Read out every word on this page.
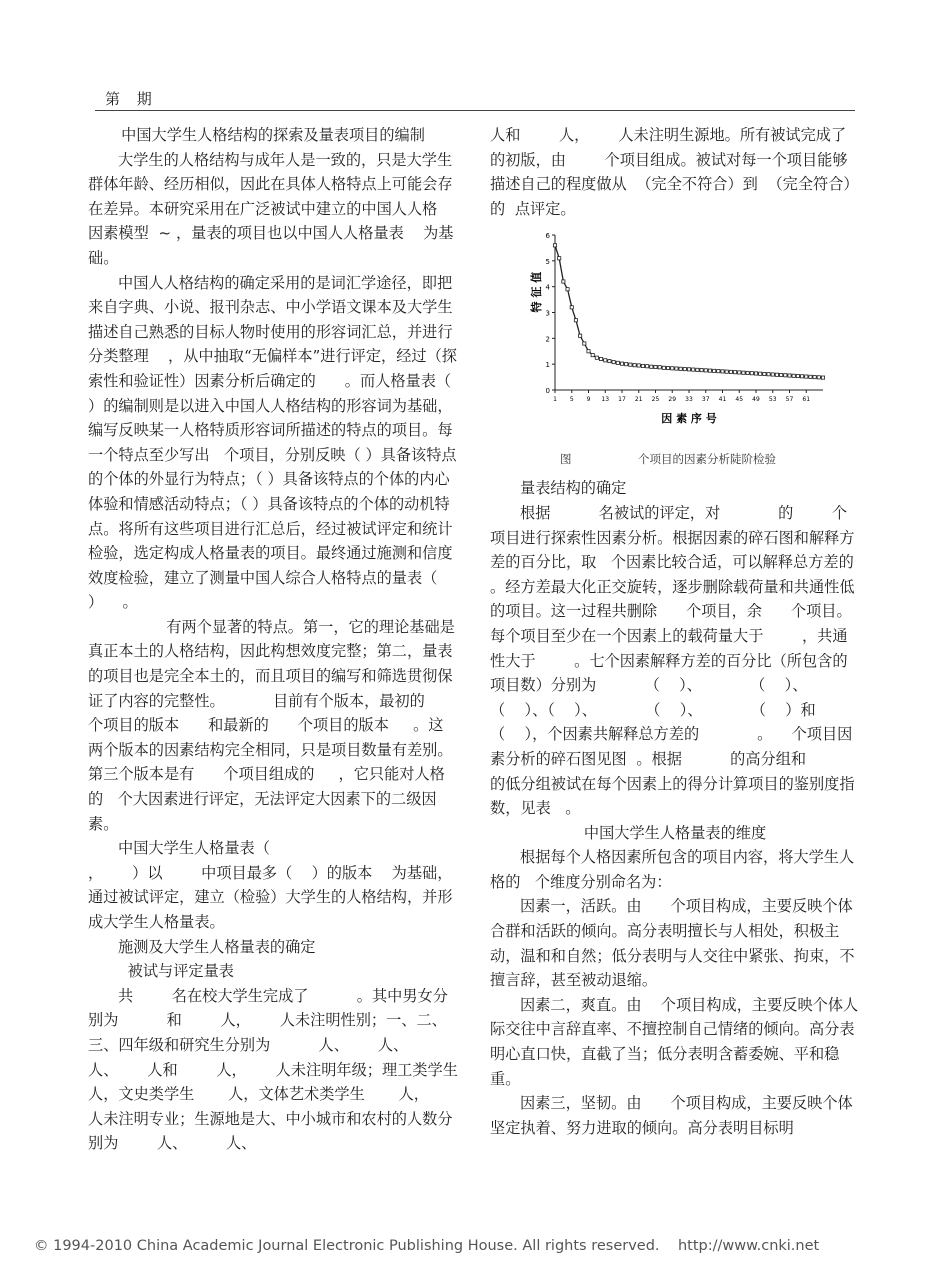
第 期

中国大学生人格结构的探索及量表项目的编制

大学生的人格结构与成年人是一致的，只是大学生群体年龄、经历相似，因此在具体人格特点上可能会存在差异。本研究采用在广泛被试中建立的中国人人格  因素模型  ~ ，量表的项目也以中国人人格量表    为基础。

中国人人格结构的确定采用的是词汇学途径，即把来自字典、小说、报刊杂志、中小学语文课本及大学生描述自己熟悉的目标人物时使用的形容词汇总，并进行分类整理    ，从中抽取“无偏样本”进行评定，经过（探索性和验证性）因素分析后确定的      。而人格量表（       ）的编制则是以进入中国人人格结构的形容词为基础，编写反映某一人格特质形容词所描述的特点的项目。每一个特点至少写出   个项目，分别反映（ ）具备该特点的个体的外显行为特点；（ ）具备该特点的个体的内心体验和情感活动特点；（ ）具备该特点的个体的动机特点。将所有这些项目进行汇总后，经过被试评定和统计检验，选定构成人格量表的项目。最终通过施测和信度效度检验，建立了测量中国人综合人格特点的量表（       ）    。

有两个显著的特点。第一，它的理论基础是真正本土的人格结构，因此构想效度完整；第二，量表的项目也是完全本土的，而且项目的编写和筛选贯彻保证了内容的完整性。          目前有个版本，最初的      个项目的版本      和最新的      个项目的版本     。这两个版本的因素结构完全相同，只是项目数量有差别。第三个版本是有      个项目组成的     ，它只能对人格的   个大因素进行评定，无法评定大因素下的二级因素。

中国大学生人格量表（                                        ，      ）以        中项目最多（    ）的版本    为基础，通过被试评定，建立（检验）大学生的人格结构，并形成大学生人格量表。

施测及大学生人格量表的确定

被试与评定量表

共        名在校大学生完成了          。其中男女分别为          和        人，      人未注明性别；一、二、三、四年级和研究生分别为          人、      人、      人、      人和        人，      人未注明年级；理工类学生       人，文史类学生       人，文体艺术类学生       人，        人未注明专业；生源地是大、中小城市和农村的人数分别为        人、        人、

人和        人，      人未注明生源地。所有被试完成了          的初版，由        个项目组成。被试对每一个项目能够描述自己的程度做从  （完全不符合）到  （完全符合）的  点评定。

0
1
2
3
4
5
6
1 5 9 13 17 21 25 29 33 37 41 45 49 53 57 61
特 征 值
因 素 序 号
图	个项目的因素分析陡阶检验

量表结构的确定

根据          名被试的评定，对            的        个项目进行探索性因素分析。根据因素的碎石图和解释方差的百分比，取   个因素比较合适，可以解释总方差的            。经方差最大化正交旋转，逐步删除载荷量和共通性低的项目。这一过程共删除      个项目，余      个项目。每个项目至少在一个因素上的载荷量大于        ，共通性大于        。七个因素解释方差的百分比（所包含的项目数）分别为          （    ）、          （    ）、          （    ）、（    ）、          （    ）、          （    ）和          （    ），个因素共解释总方差的            。    个项目因素分析的碎石图见图  。根据          的高分组和          的低分组被试在每个因素上的得分计算项目的鉴别度指数，见表   。

中国大学生人格量表的维度

根据每个人格因素所包含的项目内容，将大学生人格的   个维度分别命名为：

因素一，活跃。由      个项目构成，主要反映个体合群和活跃的倾向。高分表明擅长与人相处，积极主动，温和和自然；低分表明与人交往中紧张、拘束，不擅言辞，甚至被动退缩。

因素二，爽直。由    个项目构成，主要反映个体人际交往中言辞直率、不擅控制自己情绪的倾向。高分表明心直口快，直截了当；低分表明含蓄委婉、平和稳重。

因素三，坚韧。由      个项目构成，主要反映个体坚定执着、努力进取的倾向。高分表明目标明

© 1994-2010 China Academic Journal Electronic Publishing House. All rights reserved.    http://www.cnki.net
